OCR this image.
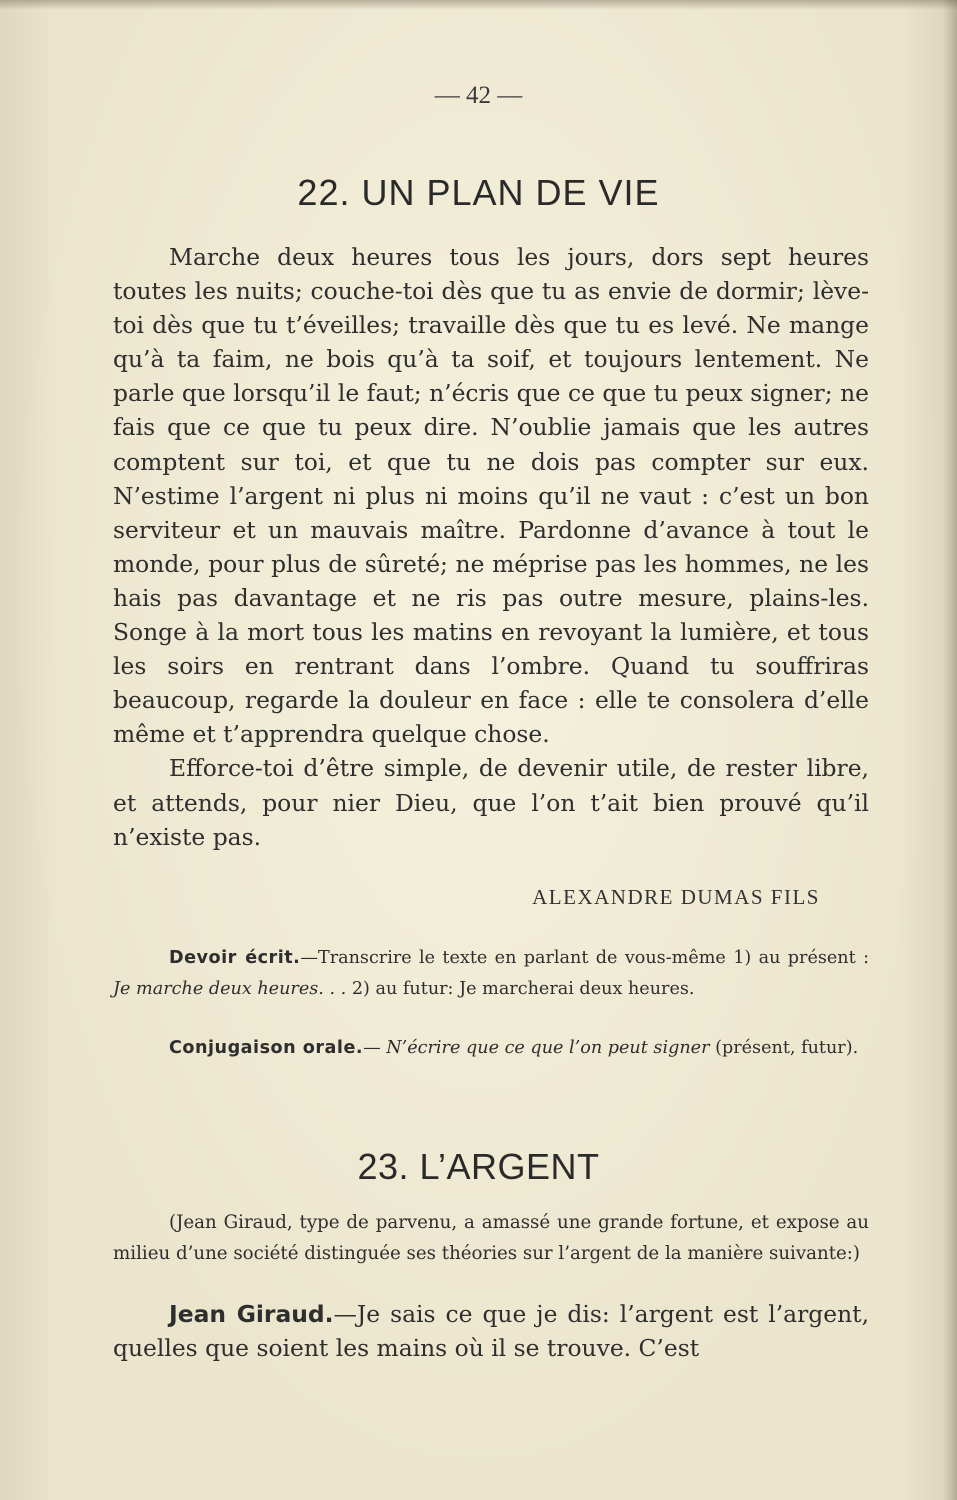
— 42 —
22. UN PLAN DE VIE

Marche deux heures tous les jours, dors sept heures toutes les nuits; couche-toi dès que tu as envie de dormir; lève-toi dès que tu t’éveilles; travaille dès que tu es levé. Ne mange qu’à ta faim, ne bois qu’à ta soif, et toujours lentement. Ne parle que lorsqu’il le faut; n’écris que ce que tu peux signer; ne fais que ce que tu peux dire. N’oublie jamais que les autres comptent sur toi, et que tu ne dois pas compter sur eux. N’estime l’argent ni plus ni moins qu’il ne vaut : c’est un bon serviteur et un mauvais maître. Pardonne d’avance à tout le monde, pour plus de sûreté; ne méprise pas les hommes, ne les hais pas davantage et ne ris pas outre mesure, plains-les. Songe à la mort tous les matins en revoyant la lumière, et tous les soirs en rentrant dans l’ombre. Quand tu souffriras beaucoup, regarde la douleur en face : elle te consolera d’elle même et t’apprendra quelque chose.

Efforce-toi d’être simple, de devenir utile, de rester libre, et attends, pour nier Dieu, que l’on t’ait bien prouvé qu’il n’existe pas.

ALEXANDRE DUMAS FILS

Devoir écrit.—Transcrire le texte en parlant de vous-même 1) au présent : Je marche deux heures. . . 2) au futur: Je marcherai deux heures.

Conjugaison orale.— N’écrire que ce que l’on peut signer (présent, futur).

23. L’ARGENT

(Jean Giraud, type de parvenu, a amassé une grande fortune, et expose au milieu d’une société distinguée ses théories sur l’argent de la manière suivante:)

Jean Giraud.—Je sais ce que je dis: l’argent est l’argent, quelles que soient les mains où il se trouve. C’est
